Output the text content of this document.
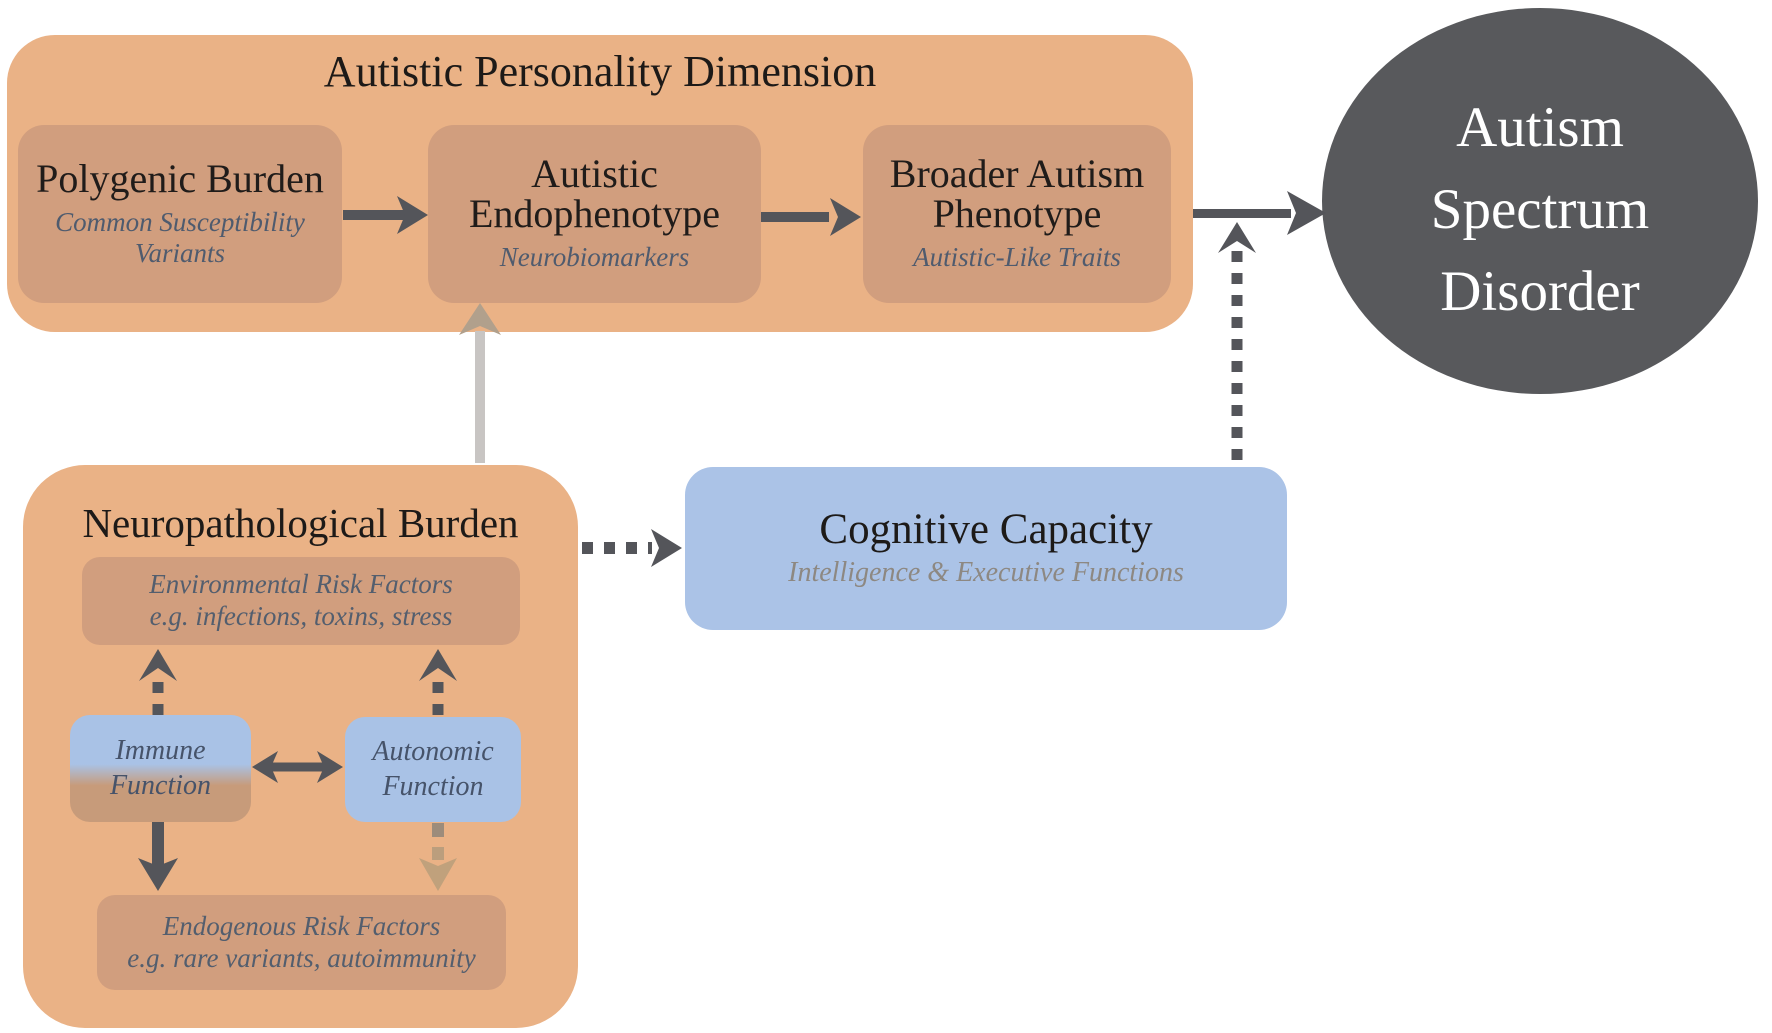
Autistic Personality Dimension
Polygenic Burden
Common Susceptibility Variants
Autistic
Endophenotype
Neurobiomarkers
Broader Autism
Phenotype
Autistic-Like Traits
Autism
Spectrum
Disorder
Neuropathological Burden
Environmental Risk Factors
e.g. infections, toxins, stress
Immune
Function
Autonomic
Function
Endogenous Risk Factors
e.g. rare variants, autoimmunity
Cognitive Capacity
Intelligence & Executive Functions
